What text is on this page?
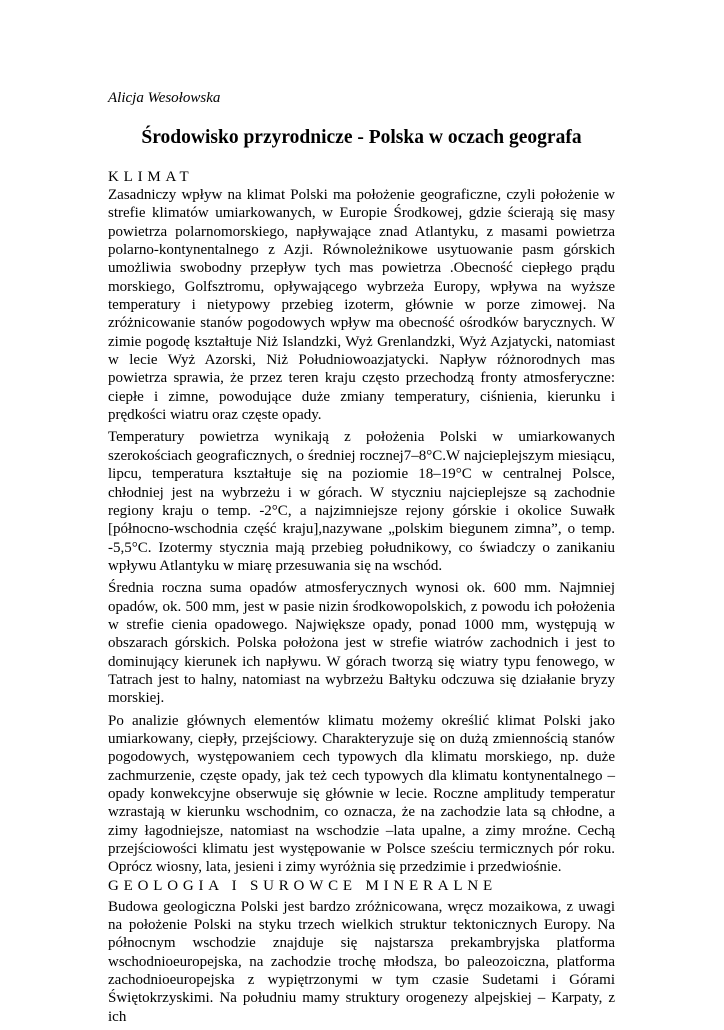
Alicja Wesołowska
Środowisko przyrodnicze - Polska w oczach geografa
KLIMAT

Zasadniczy wpływ na klimat Polski ma położenie geograficzne, czyli położenie w strefie klimatów umiarkowanych, w Europie Środkowej, gdzie ścierają się masy powietrza polarnomorskiego, napływające znad Atlantyku, z masami powietrza polarno-kontynentalnego z Azji. Równoleżnikowe usytuowanie pasm górskich umożliwia swobodny przepływ tych mas powietrza .Obecność ciepłego prądu morskiego, Golfsztromu, opływającego wybrzeża Europy, wpływa na wyższe temperatury i nietypowy przebieg izoterm, głównie w porze zimowej. Na zróżnicowanie stanów pogodowych wpływ ma obecność ośrodków barycznych. W zimie pogodę kształtuje Niż Islandzki, Wyż Grenlandzki, Wyż Azjatycki, natomiast w lecie Wyż Azorski, Niż Południowoazjatycki. Napływ różnorodnych mas powietrza sprawia, że przez teren kraju często przechodzą fronty atmosferyczne: ciepłe i zimne, powodujące duże zmiany temperatury, ciśnienia, kierunku i prędkości wiatru oraz częste opady.

Temperatury powietrza wynikają z położenia Polski w umiarkowanych szerokościach geograficznych, o średniej rocznej7–8°C.W najcieplejszym miesiącu, lipcu, temperatura kształtuje się na poziomie 18–19°C w centralnej Polsce, chłodniej jest na wybrzeżu i w górach. W styczniu najcieplejsze są zachodnie regiony kraju o temp. -2°C, a najzimniejsze rejony górskie i okolice Suwałk [północno-wschodnia część kraju],nazywane „polskim biegunem zimna”, o temp. -5,5°C. Izotermy stycznia mają przebieg południkowy, co świadczy o zanikaniu wpływu Atlantyku w miarę przesuwania się na wschód.

Średnia roczna suma opadów atmosferycznych wynosi ok. 600 mm. Najmniej opadów, ok. 500 mm, jest w pasie nizin środkowopolskich, z powodu ich położenia w strefie cienia opadowego. Największe opady, ponad 1000 mm, występują w obszarach górskich. Polska położona jest w strefie wiatrów zachodnich i jest to dominujący kierunek ich napływu. W górach tworzą się wiatry typu fenowego, w Tatrach jest to halny, natomiast na wybrzeżu Bałtyku odczuwa się działanie bryzy morskiej.

Po analizie głównych elementów klimatu możemy określić klimat Polski jako umiarkowany, ciepły, przejściowy. Charakteryzuje się on dużą zmiennością stanów pogodowych, występowaniem cech typowych dla klimatu morskiego, np. duże zachmurzenie, częste opady, jak też cech typowych dla klimatu kontynentalnego – opady konwekcyjne obserwuje się głównie w lecie. Roczne amplitudy temperatur wzrastają w kierunku wschodnim, co oznacza, że na zachodzie lata są chłodne, a zimy łagodniejsze, natomiast na wschodzie –lata upalne, a zimy mroźne. Cechą przejściowości klimatu jest występowanie w Polsce sześciu termicznych pór roku. Oprócz wiosny, lata, jesieni i zimy wyróżnia się przedzimie i przedwiośnie.

GEOLOGIA I SUROWCE MINERALNE

Budowa geologiczna Polski jest bardzo zróżnicowana, wręcz mozaikowa, z uwagi na położenie Polski na styku trzech wielkich struktur tektonicznych Europy. Na północnym wschodzie znajduje się najstarsza prekambryjska platforma wschodnioeuropejska, na zachodzie trochę młodsza, bo paleozoiczna, platforma zachodnioeuropejska z wypiętrzonymi w tym czasie Sudetami i Górami Świętokrzyskimi. Na południu mamy struktury orogenezy alpejskiej – Karpaty, z ich
